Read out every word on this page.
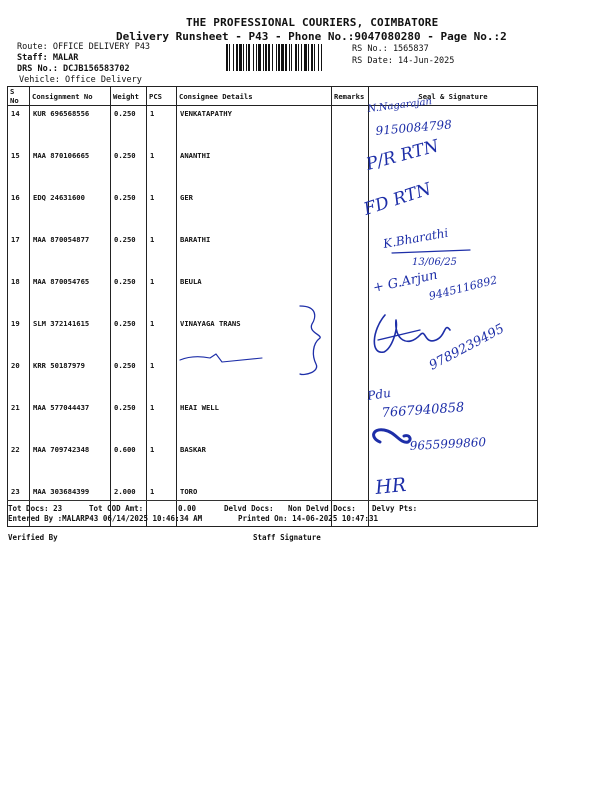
THE PROFESSIONAL COURIERS, COIMBATORE
Delivery Runsheet - P43 - Phone No.:9047080280 - Page No.:2
Route: OFFICE DELIVERY P43
Staff: MALAR
DRS No.: DCJB156583702
Vehicle: Office Delivery
RS No.: 1565837
RS Date: 14-Jun-2025
S No	Consignment No	Weight	PCS	Consignee Details	Remarks	Seal & Signature
14	KUR 696568556	0.250	1	VENKATAPATHY		
15	MAA 870106665	0.250	1	ANANTHI		
16	EDQ 24631600	0.250	1	GER		
17	MAA 870054877	0.250	1	BARATHI		
18	MAA 870054765	0.250	1	BEULA		
19	SLM 372141615	0.250	1	VINAYAGA TRANS		
20	KRR 50187979	0.250	1			
21	MAA 577044437	0.250	1	HEAI WELL		
22	MAA 709742348	0.600	1	BASKAR		
23	MAA 303684399	2.000	1	TORO		
Tot Docs: 23	Tot COD Amt:	0.00	Delvd Docs: Non Delvd Docs: Delvy Pts:
Entered By :MALARP43 06/14/2025 10:46:34 AM	Printed On: 14-06-2025 10:47:31
Verified By	Staff Signature
N.Nagarajan
9150084798
P/R RTN
FD RTN
K.Bharathi
13/06/25
+ G.Arjun
9445116892
9789239495
Pdu
7667940858
9655999860
HR
